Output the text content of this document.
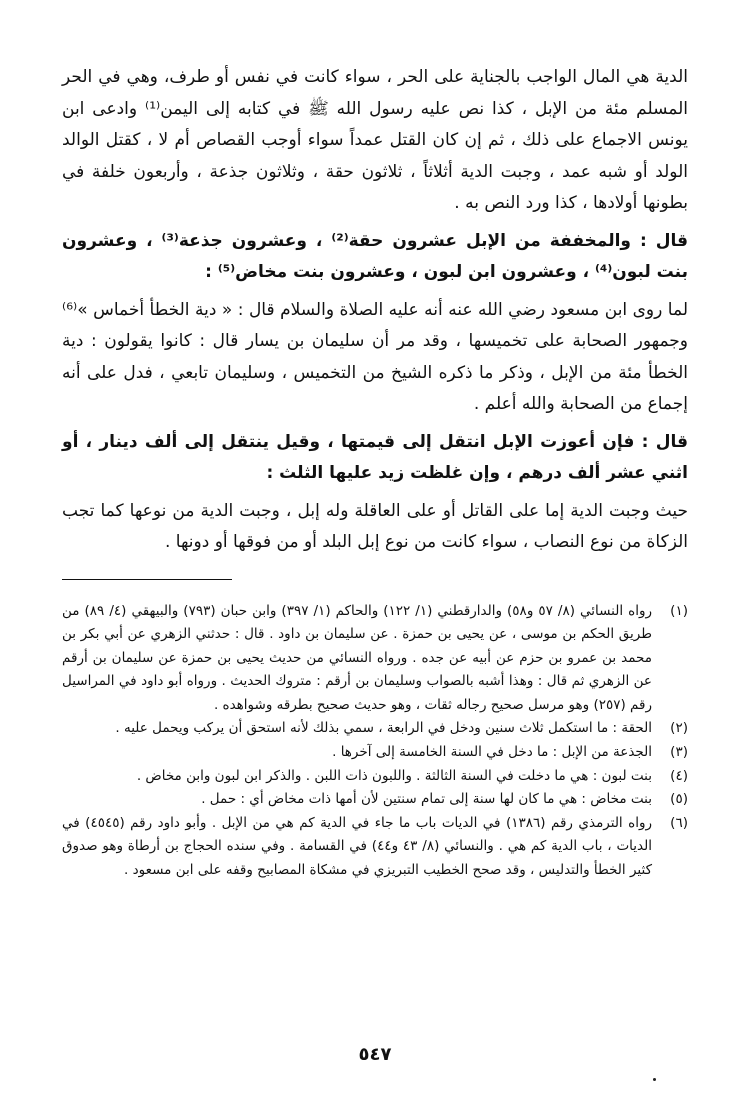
الدية هي المال الواجب بالجناية على الحر ، سواء كانت في نفس أو طرف، وهي في الحر المسلم مئة من الإبل ، كذا نص عليه رسول الله ﷺ في كتابه إلى اليمن⁽¹⁾ وادعى ابن يونس الاجماع على ذلك ، ثم إن كان القتل عمداً سواء أوجب القصاص أم لا ، كقتل الوالد الولد أو شبه عمد ، وجبت الدية أثلاثاً ، ثلاثون حقة ، وثلاثون جذعة ، وأربعون خلفة في بطونها أولادها ، كذا ورد النص به .

قال : والمخففة من الإبل عشرون حقة⁽²⁾ ، وعشرون جذعة⁽³⁾ ، وعشرون بنت لبون⁽⁴⁾ ، وعشرون ابن لبون ، وعشرون بنت مخاض⁽⁵⁾ :

لما روى ابن مسعود رضي الله عنه أنه عليه الصلاة والسلام قال : « دية الخطأ أخماس »⁽⁶⁾ وجمهور الصحابة على تخميسها ، وقد مر أن سليمان بن يسار قال : كانوا يقولون : دية الخطأ مئة من الإبل ، وذكر ما ذكره الشيخ من التخميس ، وسليمان تابعي ، فدل على أنه إجماع من الصحابة والله أعلم .

قال : فإن أعوزت الإبل انتقل إلى قيمتها ، وقيل ينتقل إلى ألف دينار ، أو اثني عشر ألف درهم ، وإن غلظت زيد عليها الثلث :

حيث وجبت الدية إما على القاتل أو على العاقلة وله إبل ، وجبت الدية من نوعها كما تجب الزكاة من نوع النصاب ، سواء كانت من نوع إبل البلد أو من فوقها أو دونها .

(١)
رواه النسائي (٨/ ٥٧ و٥٨) والدارقطني (١/ ١٢٢) والحاكم (١/ ٣٩٧) وابن حبان (٧٩٣) والبيهقي (٤/ ٨٩) من طريق الحكم بن موسى ، عن يحيى بن حمزة . عن سليمان بن داود . قال : حدثني الزهري عن أبي بكر بن محمد بن عمرو بن حزم عن أبيه عن جده . ورواه النسائي من حديث يحيى بن حمزة عن سليمان بن أرقم عن الزهري ثم قال : وهذا أشبه بالصواب وسليمان بن أرقم : متروك الحديث . ورواه أبو داود في المراسيل رقم (٢٥٧) وهو مرسل صحيح رجاله ثقات ، وهو حديث صحيح بطرقه وشواهده .
(٢)
الحقة : ما استكمل ثلاث سنين ودخل في الرابعة ، سمي بذلك لأنه استحق أن يركب ويحمل عليه .
(٣)
الجذعة من الإبل : ما دخل في السنة الخامسة إلى آخرها .
(٤)
بنت لبون : هي ما دخلت في السنة الثالثة . واللبون ذات اللبن . والذكر ابن لبون وابن مخاض .
(٥)
بنت مخاض : هي ما كان لها سنة إلى تمام سنتين لأن أمها ذات مخاض أي : حمل .
(٦)
رواه الترمذي رقم (١٣٨٦) في الديات باب ما جاء في الدية كم هي من الإبل . وأبو داود رقم (٤٥٤٥) في الديات ، باب الدية كم هي . والنسائي (٨/ ٤٣ و٤٤) في القسامة . وفي سنده الحجاج بن أرطاة وهو صدوق كثير الخطأ والتدليس ، وقد صحح الخطيب التبريزي في مشكاة المصابيح وقفه على ابن مسعود .
٥٤٧
